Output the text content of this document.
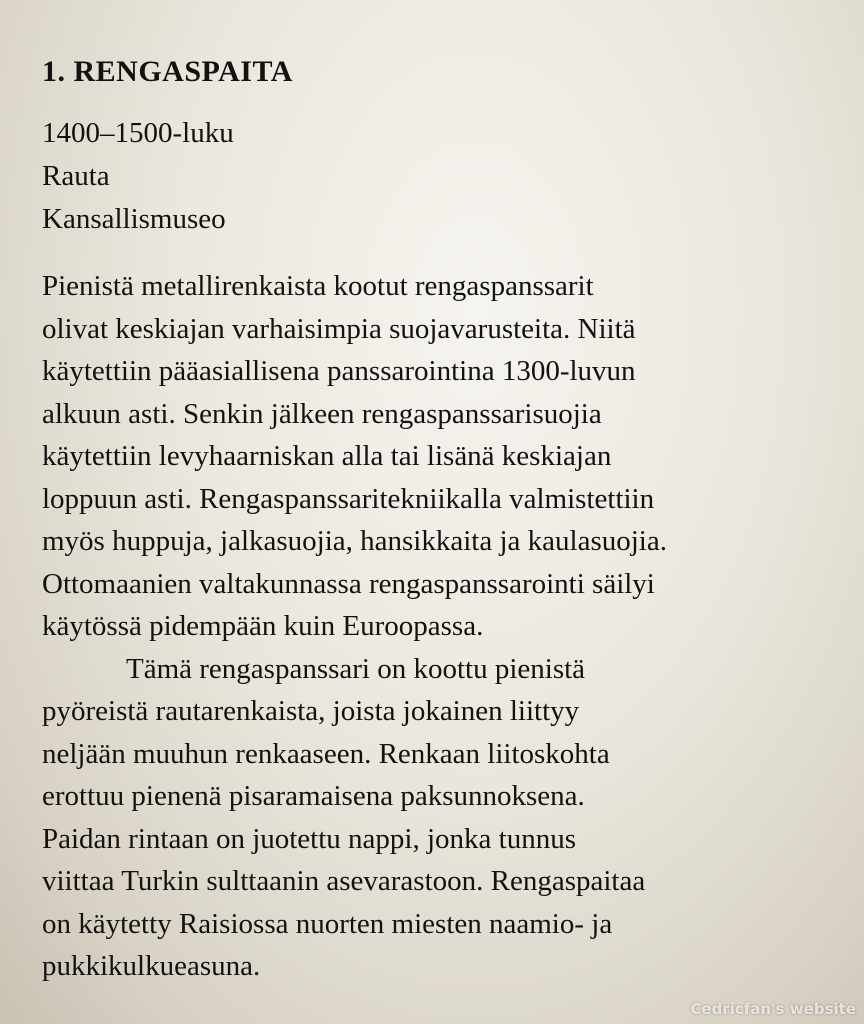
1. RENGASPAITA

1400–1500-luku

Rauta

Kansallismuseo

Pienistä metallirenkaista kootut rengaspanssarit

olivat keskiajan varhaisimpia suojavarusteita. Niitä

käytettiin pääasiallisena panssarointina 1300-luvun

alkuun asti. Senkin jälkeen rengaspanssarisuojia

käytettiin levyhaarniskan alla tai lisänä keskiajan

loppuun asti. Rengaspanssaritekniikalla valmistettiin

myös huppuja, jalkasuojia, hansikkaita ja kaulasuojia.

Ottomaanien valtakunnassa rengaspanssarointi säilyi

käytössä pidempään kuin Euroopassa.

Tämä rengaspanssari on koottu pienistä

pyöreistä rautarenkaista, joista jokainen liittyy

neljään muuhun renkaaseen. Renkaan liitoskohta

erottuu pienenä pisaramaisena paksunnoksena.

Paidan rintaan on juotettu nappi, jonka tunnus

viittaa Turkin sulttaanin asevarastoon. Rengaspaitaa

on käytetty Raisiossa nuorten miesten naamio- ja

pukkikulkueasuna.

Cedricfan's website
